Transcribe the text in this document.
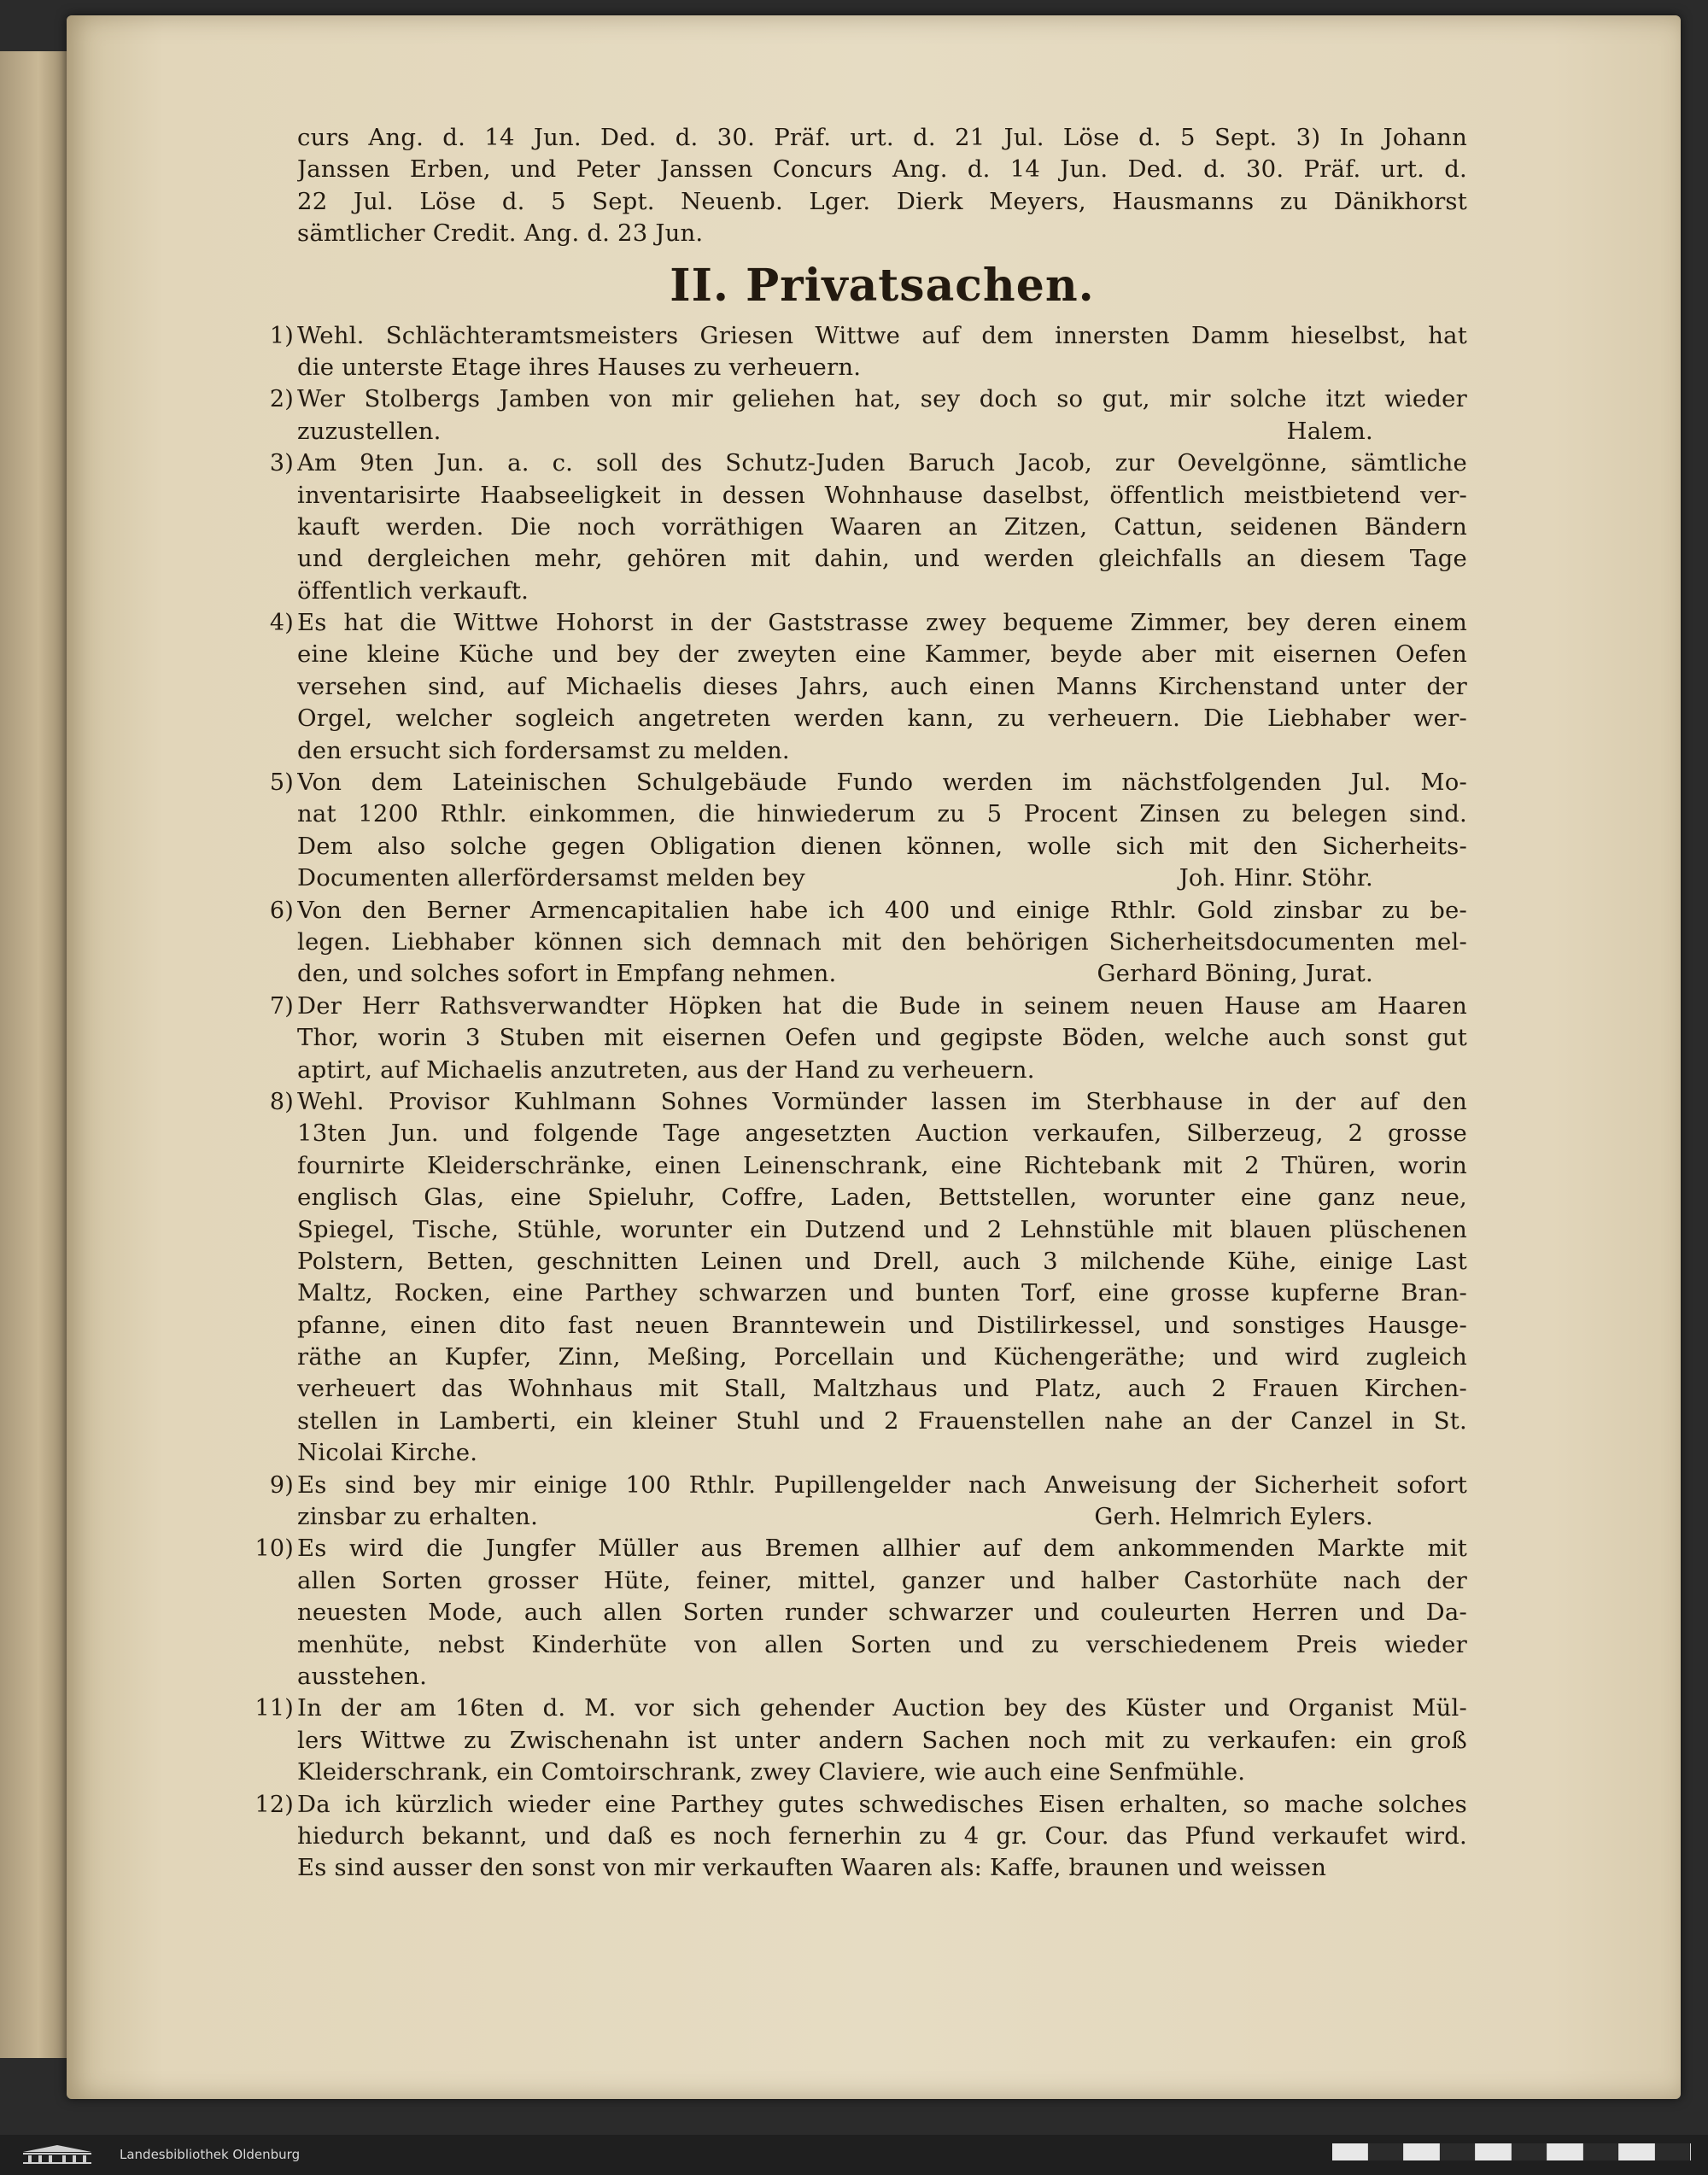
curs Ang. d. 14 Jun. Ded. d. 30. Präf. urt. d. 21 Jul. Löse d. 5 Sept. 3) In Johann
Janssen Erben, und Peter Janssen Concurs Ang. d. 14 Jun. Ded. d. 30. Präf. urt. d.
22 Jul. Löse d. 5 Sept. Neuenb. Lger. Dierk Meyers, Hausmanns zu Dänikhorst
sämtlicher Credit. Ang. d. 23 Jun.
II. Privatsachen.
1) Wehl. Schlächteramtsmeisters Griesen Wittwe auf dem innersten Damm hieselbst, hat
die unterste Etage ihres Hauses zu verheuern.
2) Wer Stolbergs Jamben von mir geliehen hat, sey doch so gut, mir solche itzt wieder
zuzustellen.	Halem.
3) Am 9ten Jun. a. c. soll des Schutz-Juden Baruch Jacob, zur Oevelgönne, sämtliche
inventarisirte Haabseeligkeit in dessen Wohnhause daselbst, öffentlich meistbietend ver-
kauft werden. Die noch vorräthigen Waaren an Zitzen, Cattun, seidenen Bändern
und dergleichen mehr, gehören mit dahin, und werden gleichfalls an diesem Tage
öffentlich verkauft.
4) Es hat die Wittwe Hohorst in der Gaststrasse zwey bequeme Zimmer, bey deren einem
eine kleine Küche und bey der zweyten eine Kammer, beyde aber mit eisernen Oefen
versehen sind, auf Michaelis dieses Jahrs, auch einen Manns Kirchenstand unter der
Orgel, welcher sogleich angetreten werden kann, zu verheuern. Die Liebhaber wer-
den ersucht sich fordersamst zu melden.
5) Von dem Lateinischen Schulgebäude Fundo werden im nächstfolgenden Jul. Mo-
nat 1200 Rthlr. einkommen, die hinwiederum zu 5 Procent Zinsen zu belegen sind.
Dem also solche gegen Obligation dienen können, wolle sich mit den Sicherheits-
Documenten allerfördersamst melden bey	Joh. Hinr. Stöhr.
6) Von den Berner Armencapitalien habe ich 400 und einige Rthlr. Gold zinsbar zu be-
legen. Liebhaber können sich demnach mit den behörigen Sicherheitsdocumenten mel-
den, und solches sofort in Empfang nehmen.	Gerhard Böning, Jurat.
7) Der Herr Rathsverwandter Höpken hat die Bude in seinem neuen Hause am Haaren
Thor, worin 3 Stuben mit eisernen Oefen und gegipste Böden, welche auch sonst gut
aptirt, auf Michaelis anzutreten, aus der Hand zu verheuern.
8) Wehl. Provisor Kuhlmann Sohnes Vormünder lassen im Sterbhause in der auf den
13ten Jun. und folgende Tage angesetzten Auction verkaufen, Silberzeug, 2 grosse
fournirte Kleiderschränke, einen Leinenschrank, eine Richtebank mit 2 Thüren, worin
englisch Glas, eine Spieluhr, Coffre, Laden, Bettstellen, worunter eine ganz neue,
Spiegel, Tische, Stühle, worunter ein Dutzend und 2 Lehnstühle mit blauen plüschenen
Polstern, Betten, geschnitten Leinen und Drell, auch 3 milchende Kühe, einige Last
Maltz, Rocken, eine Parthey schwarzen und bunten Torf, eine grosse kupferne Bran-
pfanne, einen dito fast neuen Branntewein und Distilirkessel, und sonstiges Hausge-
räthe an Kupfer, Zinn, Meßing, Porcellain und Küchengeräthe; und wird zugleich
verheuert das Wohnhaus mit Stall, Maltzhaus und Platz, auch 2 Frauen Kirchen-
stellen in Lamberti, ein kleiner Stuhl und 2 Frauenstellen nahe an der Canzel in St.
Nicolai Kirche.
9) Es sind bey mir einige 100 Rthlr. Pupillengelder nach Anweisung der Sicherheit sofort
zinsbar zu erhalten.	Gerh. Helmrich Eylers.
10) Es wird die Jungfer Müller aus Bremen allhier auf dem ankommenden Markte mit
allen Sorten grosser Hüte, feiner, mittel, ganzer und halber Castorhüte nach der
neuesten Mode, auch allen Sorten runder schwarzer und couleurten Herren und Da-
menhüte, nebst Kinderhüte von allen Sorten und zu verschiedenem Preis wieder
ausstehen.
11) In der am 16ten d. M. vor sich gehender Auction bey des Küster und Organist Mül-
lers Wittwe zu Zwischenahn ist unter andern Sachen noch mit zu verkaufen: ein groß
Kleiderschrank, ein Comtoirschrank, zwey Claviere, wie auch eine Senfmühle.
12) Da ich kürzlich wieder eine Parthey gutes schwedisches Eisen erhalten, so mache solches
hiedurch bekannt, und daß es noch fernerhin zu 4 gr. Cour. das Pfund verkaufet wird.
Es sind ausser den sonst von mir verkauften Waaren als: Kaffe, braunen und weissen
Landesbibliothek Oldenburg
